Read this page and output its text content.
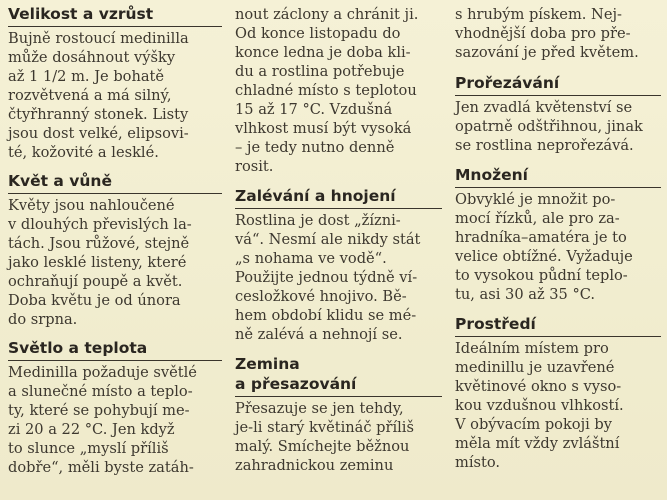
Velikost a vzrůst
Bujně rostoucí medinilla
může dosáhnout výšky
až 1 1/2 m. Je bohatě
rozvětvená a má silný,
čtyřhranný stonek. Listy
jsou dost velké, elipsovi-
té, kožovité a lesklé.
Květ a vůně
Květy jsou nahloučené
v dlouhých převislých la-
tách. Jsou růžové, stejně
jako lesklé listeny, které
ochraňují poupě a květ.
Doba květu je od února
do srpna.
Světlo a teplota
Medinilla požaduje světlé
a slunečné místo a teplo-
ty, které se pohybují me-
zi 20 a 22 °C. Jen když
to slunce „myslí příliš
dobře“, měli byste zatáh-
nout záclony a chránit ji.
Od konce listopadu do
konce ledna je doba kli-
du a rostlina potřebuje
chladné místo s teplotou
15 až 17 °C. Vzdušná
vlhkost musí být vysoká
– je tedy nutno denně
rosit.
Zalévání a hnojení
Rostlina je dost „žízni-
vá“. Nesmí ale nikdy stát
„s nohama ve vodě“.
Použijte jednou týdně ví-
cesložkové hnojivo. Bě-
hem období klidu se mé-
ně zalévá a nehnojí se.
Zemina
a přesazování
Přesazuje se jen tehdy,
je-li starý květináč příliš
malý. Smíchejte běžnou
zahradnickou zeminu
s hrubým pískem. Nej-
vhodnější doba pro pře-
sazování je před květem.
Prořezávání
Jen zvadlá květenství se
opatrně odštřihnou, jinak
se rostlina neprořezává.
Množení
Obvyklé je množit po-
mocí řízků, ale pro za-
hradníka–amatéra je to
velice obtížné. Vyžaduje
to vysokou půdní teplo-
tu, asi 30 až 35 °C.
Prostředí
Ideálním místem pro
medinillu je uzavřené
květinové okno s vyso-
kou vzdušnou vlhkostí.
V obývacím pokoji by
měla mít vždy zvláštní
místo.
